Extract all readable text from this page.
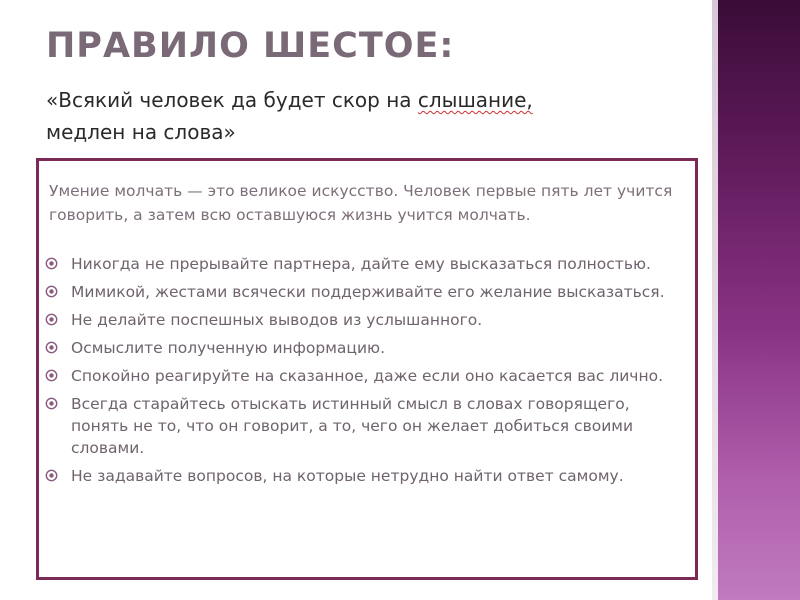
ПРАВИЛО ШЕСТОЕ:

«Всякий человек да будет скор на слышание,
медлен на слова»

Умение молчать — это великое искусство. Человек первые пять лет учится говорить, а затем всю оставшуюся жизнь учится молчать.

Никогда не прерывайте партнера, дайте ему высказаться полностью.
Мимикой, жестами всячески поддерживайте его желание высказаться.
Не делайте поспешных выводов из услышанного.
Осмыслите полученную информацию.
Спокойно реагируйте на сказанное, даже если оно касается вас лично.
Всегда старайтесь отыскать истинный смысл в словах говорящего, понять не то, что он говорит, а то, чего он желает добиться своими словами.
Не задавайте вопросов, на которые нетрудно найти ответ самому.
